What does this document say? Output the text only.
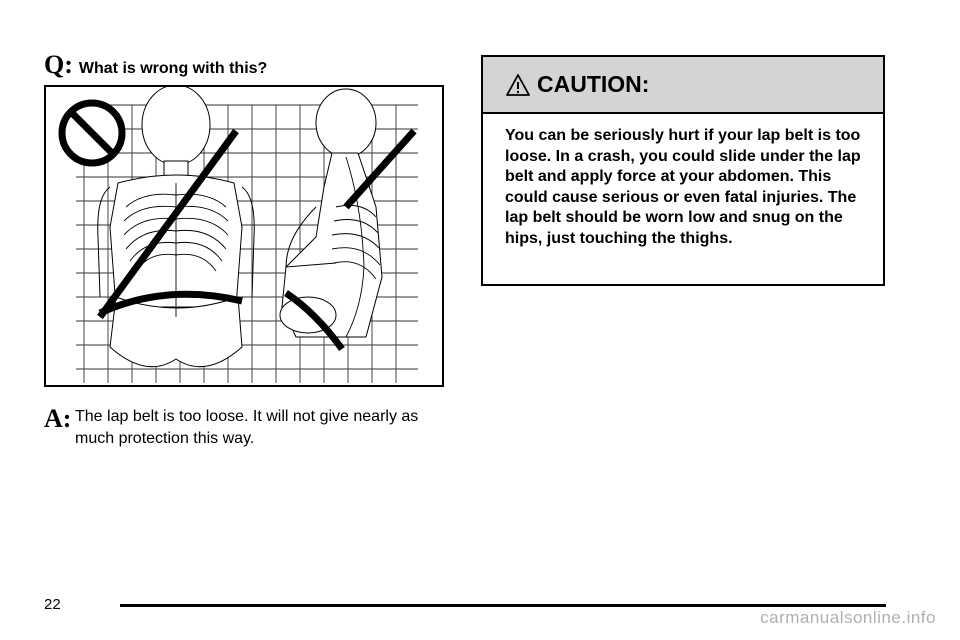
Q: What is wrong with this?
A: The lap belt is too loose. It will not give nearly as much protection this way.
CAUTION:
You can be seriously hurt if your lap belt is too loose. In a crash, you could slide under the lap belt and apply force at your abdomen. This could cause serious or even fatal injuries. The lap belt should be worn low and snug on the hips, just touching the thighs.
22
carmanualsonline.info
